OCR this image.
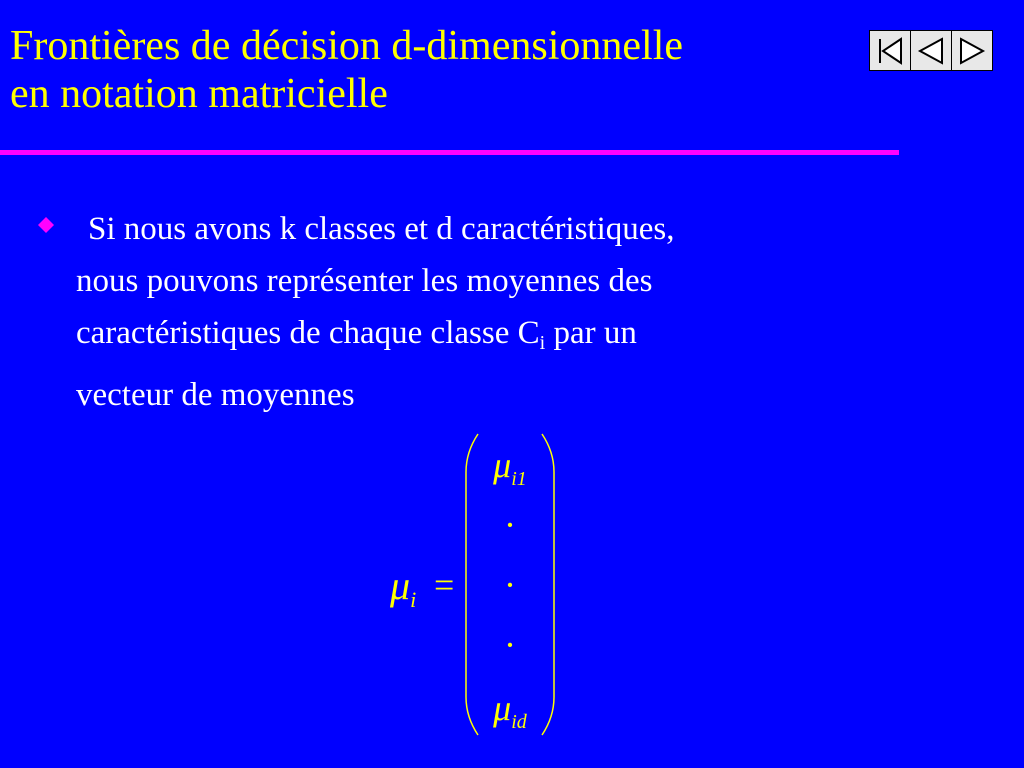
Frontières de décision d-dimensionnelle
en notation matricielle
Si nous avons k classes et d caractéristiques,
nous pouvons représenter les moyennes des
caractéristiques de chaque classe $C_i$ par un
vecteur de moyennes
$\mu_i$ =
$\mu_{i1}$
·
·
·
$\mu_{id}$
